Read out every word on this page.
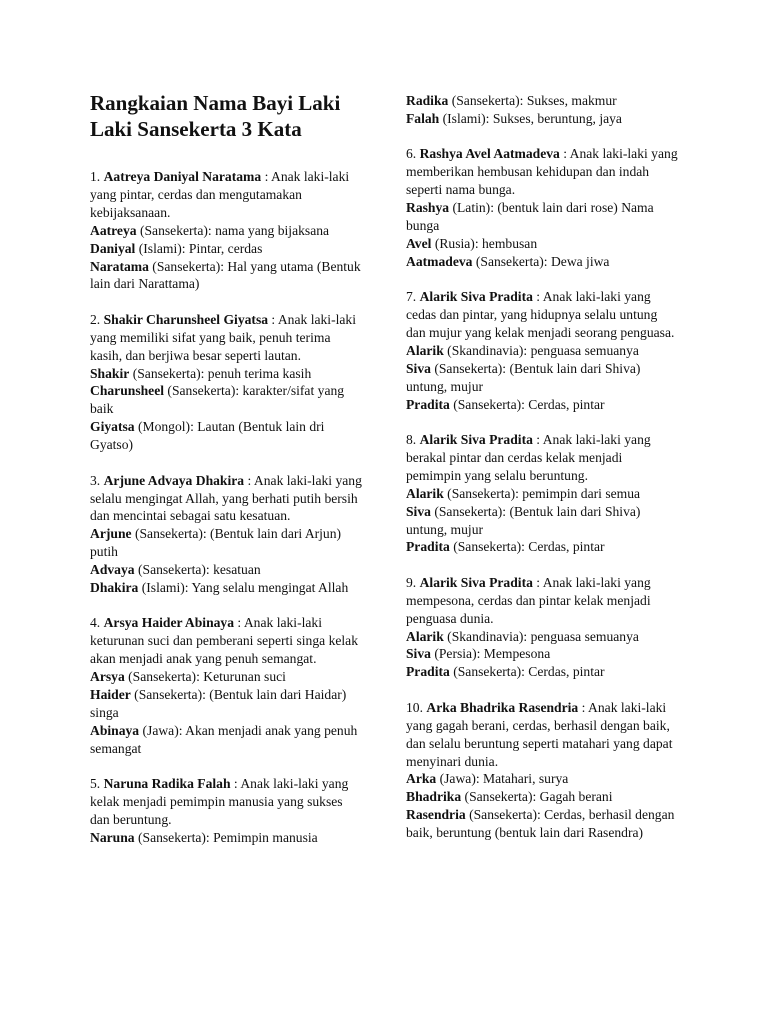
Rangkaian Nama Bayi Laki Laki Sansekerta 3 Kata
1. Aatreya Daniyal Naratama : Anak laki-laki yang pintar, cerdas dan mengutamakan kebijaksanaan.
Aatreya (Sansekerta): nama yang bijaksana
Daniyal (Islami): Pintar, cerdas
Naratama (Sansekerta): Hal yang utama (Bentuk lain dari Narattama)
2. Shakir Charunsheel Giyatsa : Anak laki-laki yang memiliki sifat yang baik, penuh terima kasih, dan berjiwa besar seperti lautan.
Shakir (Sansekerta): penuh terima kasih
Charunsheel (Sansekerta): karakter/sifat yang baik
Giyatsa (Mongol): Lautan (Bentuk lain dri Gyatso)
3. Arjune Advaya Dhakira : Anak laki-laki yang selalu mengingat Allah, yang berhati putih bersih dan mencintai sebagai satu kesatuan.
Arjune (Sansekerta): (Bentuk lain dari Arjun) putih
Advaya (Sansekerta): kesatuan
Dhakira (Islami): Yang selalu mengingat Allah
4. Arsya Haider Abinaya : Anak laki-laki keturunan suci dan pemberani seperti singa kelak akan menjadi anak yang penuh semangat.
Arsya (Sansekerta): Keturunan suci
Haider (Sansekerta): (Bentuk lain dari Haidar) singa
Abinaya (Jawa): Akan menjadi anak yang penuh semangat
5. Naruna Radika Falah : Anak laki-laki yang kelak menjadi pemimpin manusia yang sukses dan beruntung.
Naruna (Sansekerta): Pemimpin manusia
Radika (Sansekerta): Sukses, makmur
Falah (Islami): Sukses, beruntung, jaya
6. Rashya Avel Aatmadeva : Anak laki-laki yang memberikan hembusan kehidupan dan indah seperti nama bunga.
Rashya (Latin): (bentuk lain dari rose) Nama bunga
Avel (Rusia): hembusan
Aatmadeva (Sansekerta): Dewa jiwa
7. Alarik Siva Pradita : Anak laki-laki yang cedas dan pintar, yang hidupnya selalu untung dan mujur yang kelak menjadi seorang penguasa.
Alarik (Skandinavia): penguasa semuanya
Siva (Sansekerta): (Bentuk lain dari Shiva) untung, mujur
Pradita (Sansekerta): Cerdas, pintar
8. Alarik Siva Pradita : Anak laki-laki yang berakal pintar dan cerdas kelak menjadi pemimpin yang selalu beruntung.
Alarik (Sansekerta): pemimpin dari semua
Siva (Sansekerta): (Bentuk lain dari Shiva) untung, mujur
Pradita (Sansekerta): Cerdas, pintar
9. Alarik Siva Pradita : Anak laki-laki yang mempesona, cerdas dan pintar kelak menjadi penguasa dunia.
Alarik (Skandinavia): penguasa semuanya
Siva (Persia): Mempesona
Pradita (Sansekerta): Cerdas, pintar
10. Arka Bhadrika Rasendria : Anak laki-laki yang gagah berani, cerdas, berhasil dengan baik, dan selalu beruntung seperti matahari yang dapat menyinari dunia.
Arka (Jawa): Matahari, surya
Bhadrika (Sansekerta): Gagah berani
Rasendria (Sansekerta): Cerdas, berhasil dengan baik, beruntung (bentuk lain dari Rasendra)
